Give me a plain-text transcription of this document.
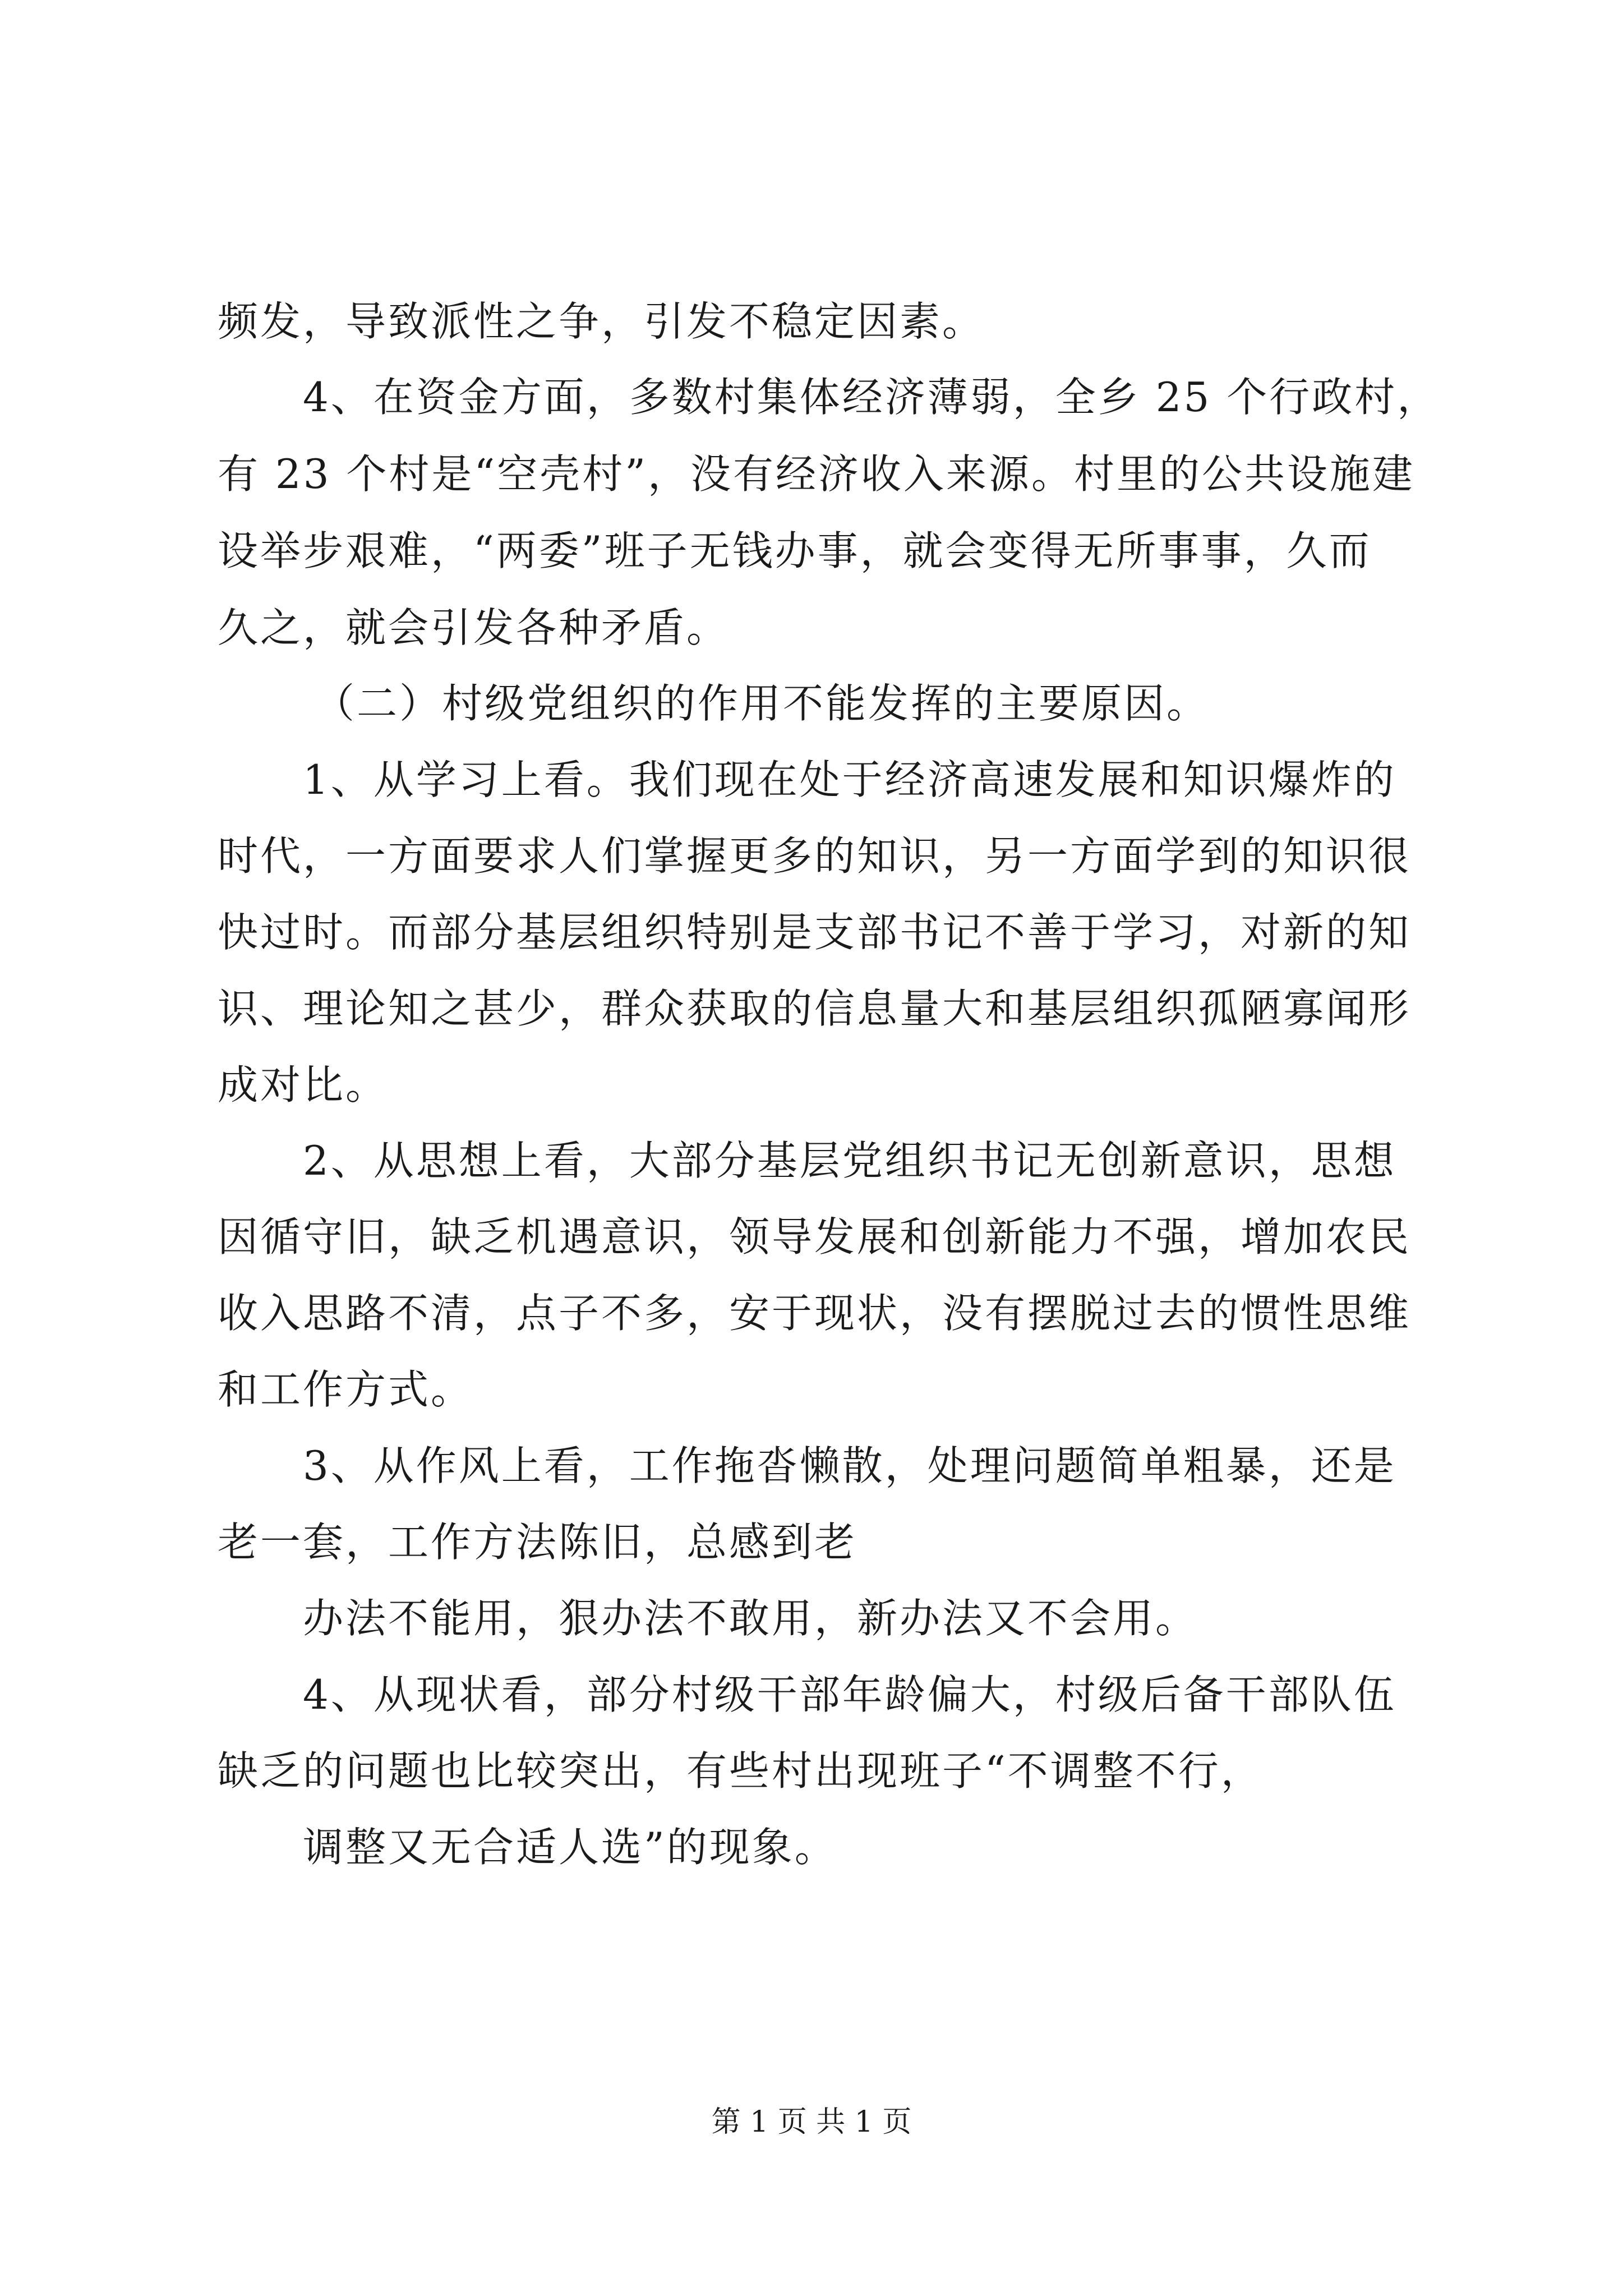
频发，导致派性之争，引发不稳定因素。
4、在资金方面，多数村集体经济薄弱，全乡 25 个行政村，
有 23 个村是“空壳村”，没有经济收入来源。村里的公共设施建
设举步艰难，“两委”班子无钱办事，就会变得无所事事，久而
久之，就会引发各种矛盾。
（二）村级党组织的作用不能发挥的主要原因。
1、从学习上看。我们现在处于经济高速发展和知识爆炸的
时代，一方面要求人们掌握更多的知识，另一方面学到的知识很
快过时。而部分基层组织特别是支部书记不善于学习，对新的知
识、理论知之甚少，群众获取的信息量大和基层组织孤陋寡闻形
成对比。
2、从思想上看，大部分基层党组织书记无创新意识，思想
因循守旧，缺乏机遇意识，领导发展和创新能力不强，增加农民
收入思路不清，点子不多，安于现状，没有摆脱过去的惯性思维
和工作方式。
3、从作风上看，工作拖沓懒散，处理问题简单粗暴，还是
老一套，工作方法陈旧，总感到老
办法不能用，狠办法不敢用，新办法又不会用。
4、从现状看，部分村级干部年龄偏大，村级后备干部队伍
缺乏的问题也比较突出，有些村出现班子“不调整不行，
调整又无合适人选”的现象。
第 1 页 共 1 页
